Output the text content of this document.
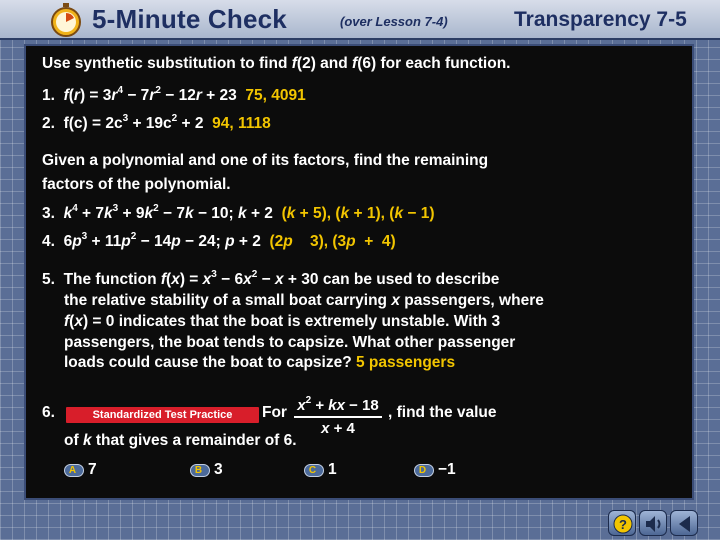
5-Minute Check	(over Lesson 7-4)	Transparency 7-5
Use synthetic substitution to find f(2) and f(6) for each function.
1. $f(r) = 3r^4 - 7r^2 - 12r + 23$ 75, 4091
2. $f(c) = 2c^3 + 19c^2 + 2$ 94, 1118
Given a polynomial and one of its factors, find the remaining
factors of the polynomial.
3. $k^4 + 7k^3 + 9k^2 - 7k - 10$; k + 2 (k + 5), (k + 1), (k − 1)
4. $6p^3 + 11p^2 - 14p - 24$; p + 2 (2p    3), (3p  +  4)
5. The function $f(x) = x^3 - 6x^2 - x + 30$ can be used to describe
the relative stability of a small boat carrying x passengers, where
f(x) = 0 indicates that the boat is extremely unstable. With 3
passengers, the boat tends to capsize. What other passenger
loads could cause the boat to capsize? 5 passengers
6.	Standardized Test Practice	For $x^2$ + kx − 18
x + 4
, find the value
of k that gives a remainder of 6.
A 7	B 3	C 1	D −1
?
